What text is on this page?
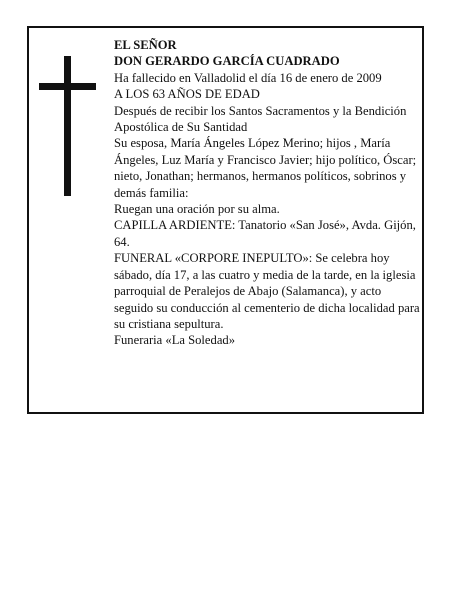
EL SEÑOR

DON GERARDO GARCÍA CUADRADO

Ha fallecido en Valladolid el día 16 de enero de 2009

A LOS 63 AÑOS DE EDAD

Después de recibir los Santos Sacramentos y la Bendición Apostólica de Su Santidad

Su esposa, María Ángeles López Merino; hijos , María Ángeles, Luz María y Francisco Javier; hijo político, Óscar; nieto, Jonathan; hermanos, hermanos políticos, sobrinos y demás familia:

Ruegan una oración por su alma.

CAPILLA ARDIENTE: Tanatorio «San José», Avda. Gijón, 64.

FUNERAL «CORPORE INEPULTO»: Se celebra hoy sábado, día 17, a las cuatro y media de la tarde, en la iglesia parroquial de Peralejos de Abajo (Salamanca), y acto seguido su conducción al cementerio de dicha localidad para su cristiana sepultura.

Funeraria «La Soledad»
